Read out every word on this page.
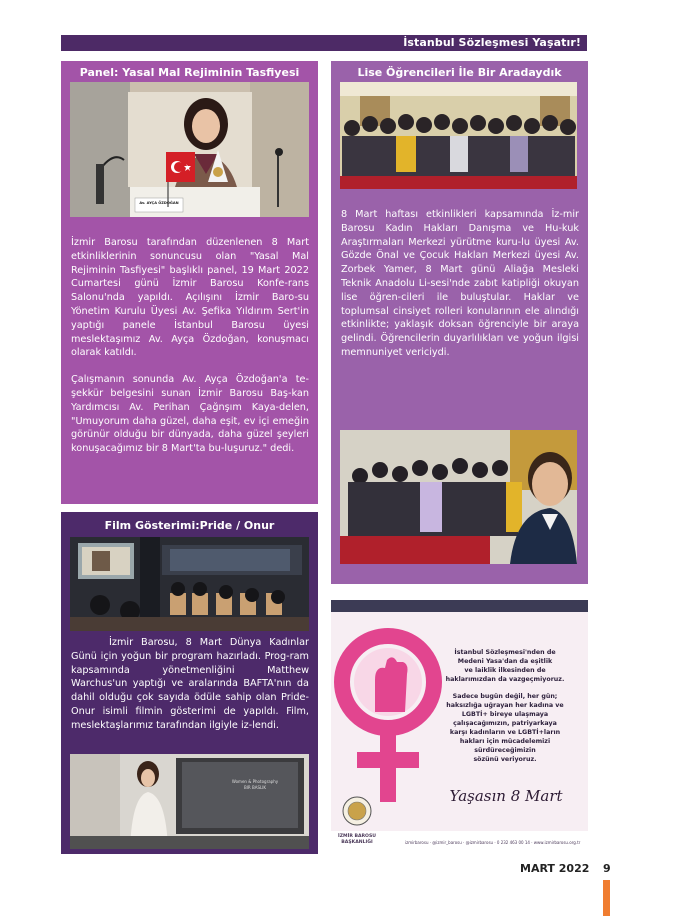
İstanbul Sözleşmesi Yaşatır!
Panel: Yasal Mal Rejiminin Tasfiyesi
Av. AYÇA ÖZDOĞAN

İzmir Barosu tarafından düzenlenen 8 Mart etkinliklerinin sonuncusu olan "Yasal Mal Rejiminin Tasfiyesi" başlıklı panel, 19 Mart 2022 Cumartesi günü İzmir Barosu Konfe-rans Salonu'nda yapıldı. Açılışını İzmir Baro-su Yönetim Kurulu Üyesi Av. Şefika Yıldırım Sert'in yaptığı panele İstanbul Barosu üyesi meslektaşımız Av. Ayça Özdoğan, konuşmacı olarak katıldı.

Çalışmanın sonunda Av. Ayça Özdoğan'a te-şekkür belgesini sunan İzmir Barosu Baş-kan Yardımcısı Av. Perihan Çağnşım Kaya-delen, "Umuyorum daha güzel, daha eşit, ev içi emeğin görünür olduğu bir dünyada, daha güzel şeyleri konuşacağımız bir 8 Mart'ta bu-luşuruz." dedi.

Film Gösterimi:Pride / Onur

İzmir Barosu, 8 Mart Dünya Kadınlar Günü için yoğun bir program hazırladı. Prog-ram kapsamında yönetmenliğini Matthew Warchus'un yaptığı ve aralarında BAFTA'nın da dahil olduğu çok sayıda ödüle sahip olan Pride-Onur isimli filmin gösterimi de yapıldı. Film, meslektaşlarımız tarafından ilgiyle iz-lendi.

Women & Photography
BIR BASLIK
Lise Öğrencileri İle Bir Aradaydık

8 Mart haftası etkinlikleri kapsamında İz-mir Barosu Kadın Hakları Danışma ve Hu-kuk Araştırmaları Merkezi yürütme kuru-lu üyesi Av. Gözde Önal ve Çocuk Hakları Merkezi üyesi Av. Zorbek Yamer, 8 Mart günü Aliağa Mesleki Teknik Anadolu Li-sesi'nde zabıt katipliği okuyan lise öğren-cileri ile buluştular. Haklar ve toplumsal cinsiyet rolleri konularının ele alındığı etkinlikte; yaklaşık doksan öğrenciyle bir araya gelindi. Öğrencilerin duyarlılıkları ve yoğun ilgisi memnuniyet vericiydi.

İstanbul Sözleşmesi'nden de
Medeni Yasa'dan da eşitlik
ve laiklik ilkesinden de
haklarımızdan da vazgeçmiyoruz.

Sadece bugün değil, her gün;
haksızlığa uğrayan her kadına ve
LGBTİ+ bireye ulaşmaya
çalışacağımızın, patriyarkaya
karşı kadınların ve LGBTİ+ların
hakları için mücadelemizi
sürdüreceğimizin
sözünü veriyoruz.

Yaşasın 8 Mart
İZMİR BAROSU
BAŞKANLIĞI	izmirbarosu · @izmir_barosu · @izmirbarosu · 0 232 463 00 14 · www.izmirbarosu.org.tr
MART 2022 9
